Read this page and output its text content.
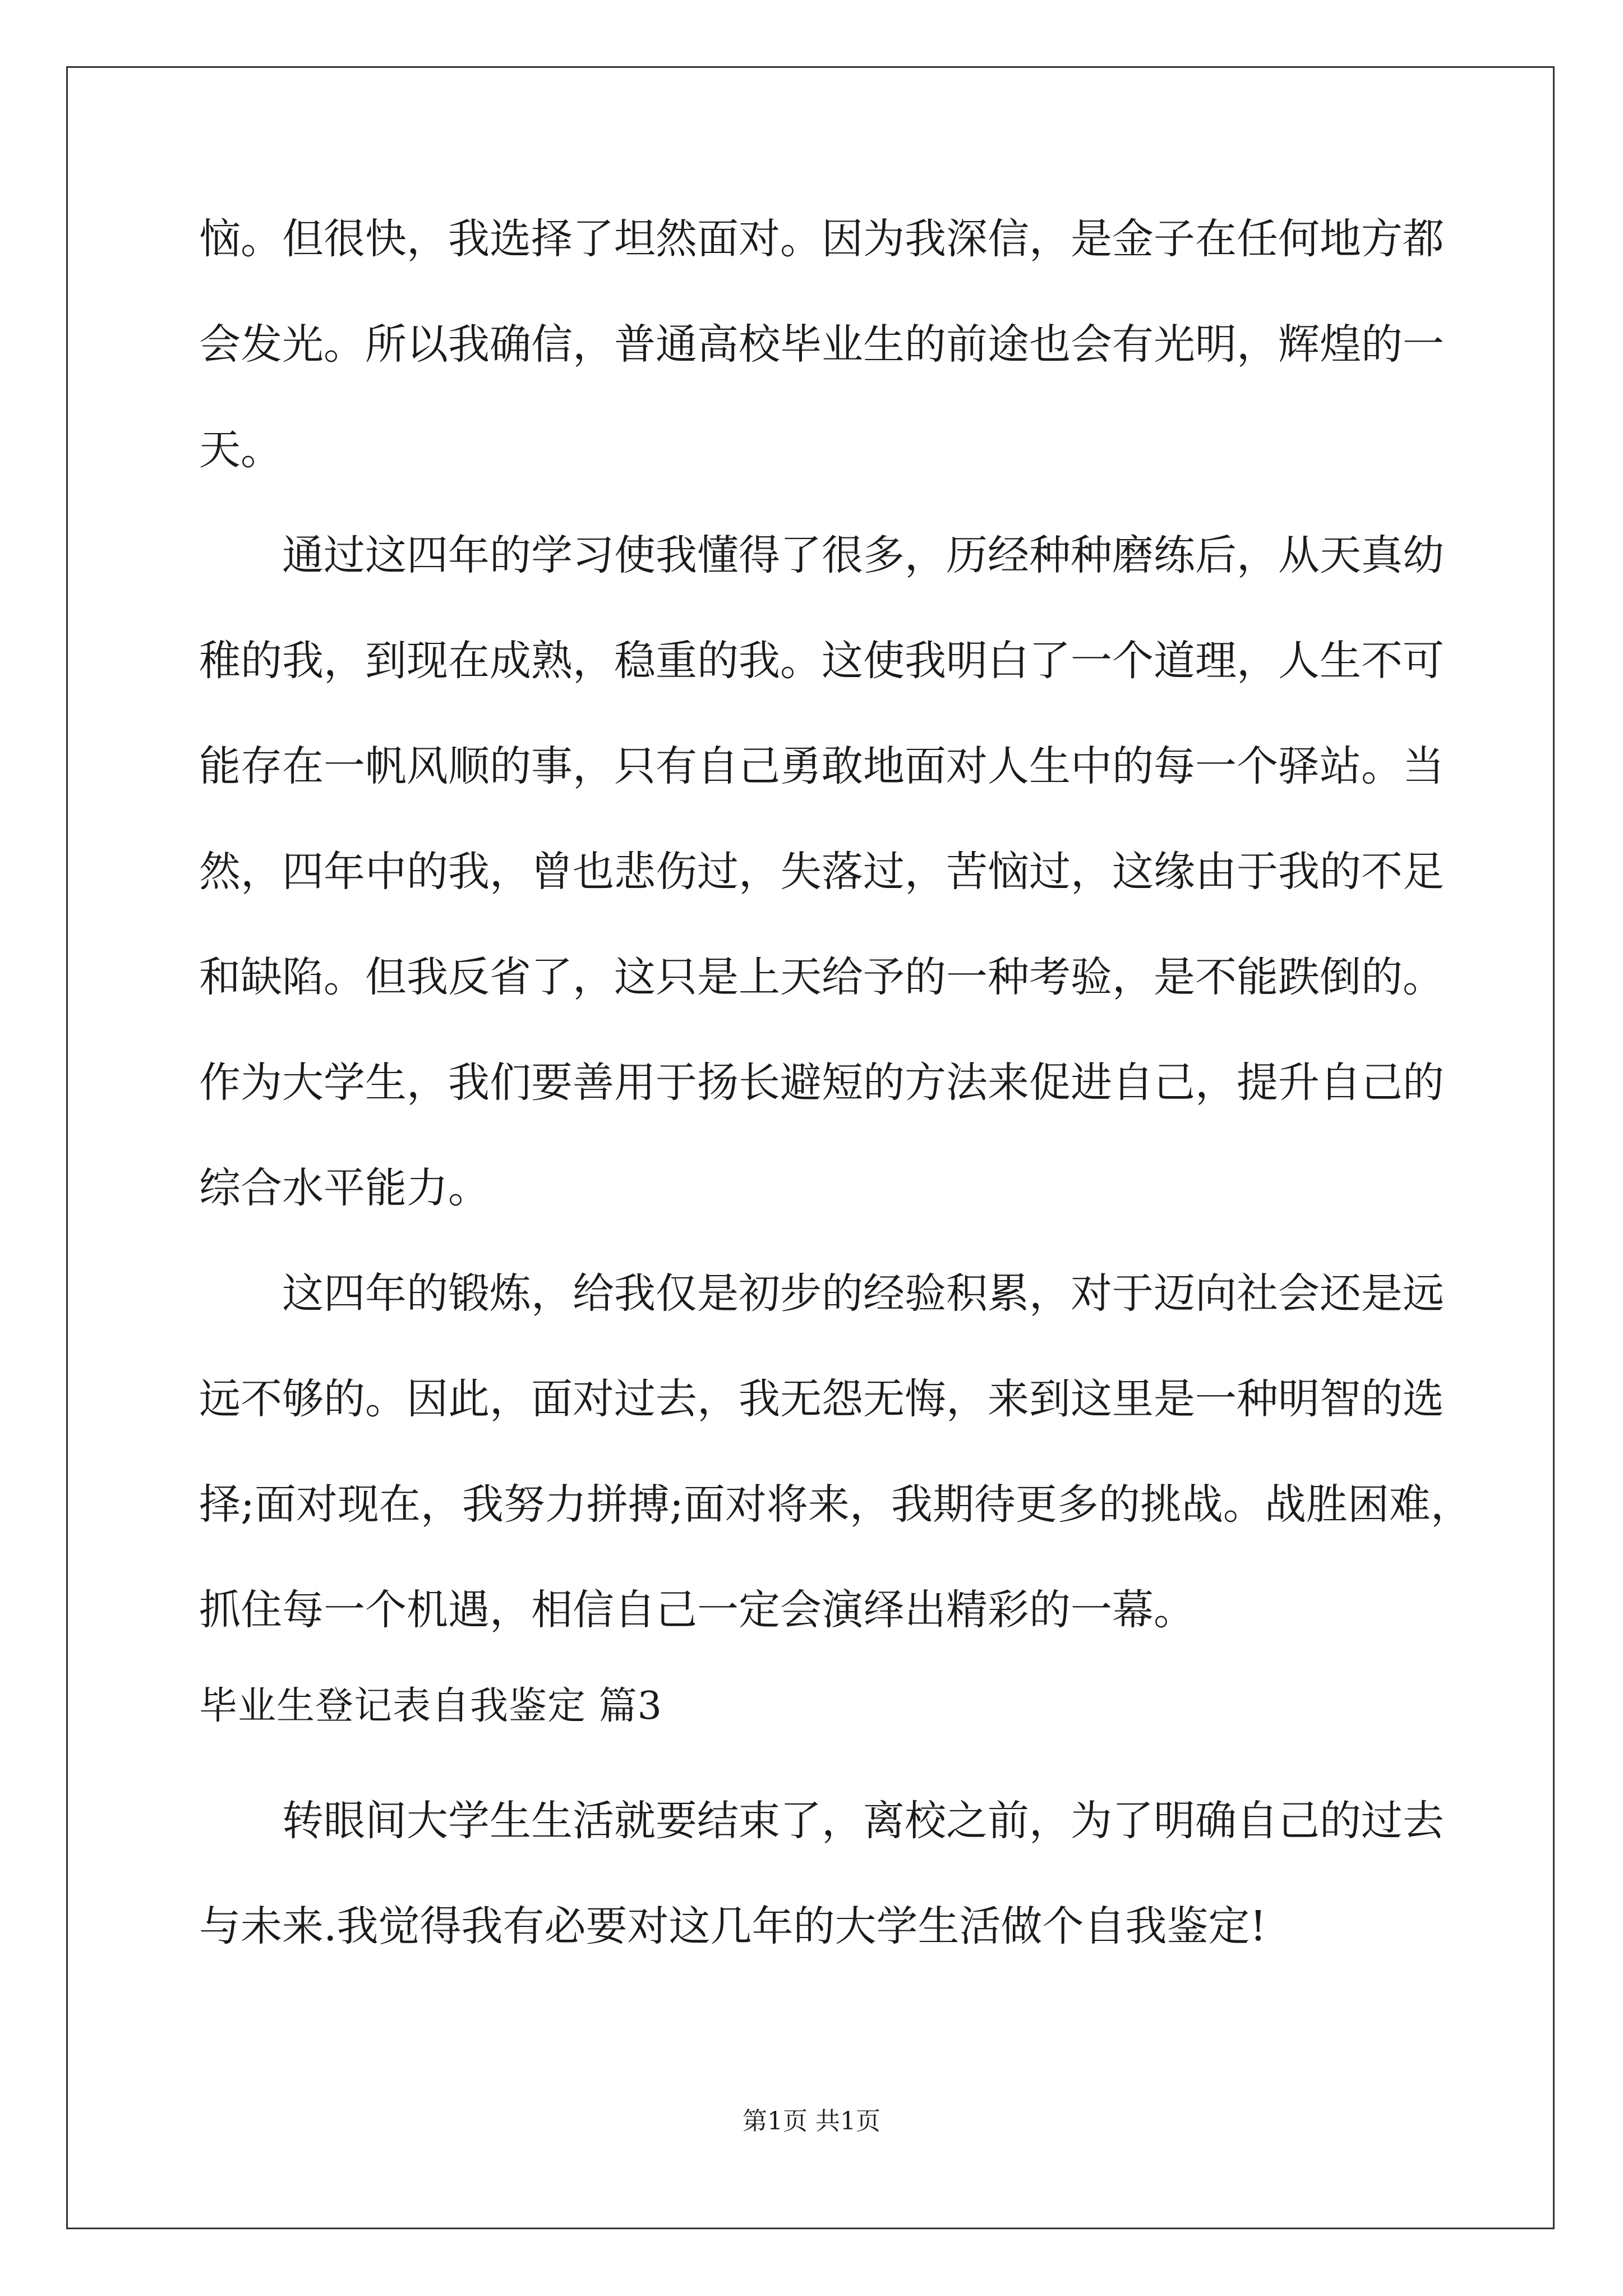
恼。但很快，我选择了坦然面对。因为我深信，是金子在任何地方都
会发光。所以我确信，普通高校毕业生的前途也会有光明，辉煌的一
天。
通过这四年的学习使我懂得了很多，历经种种磨练后，从天真幼
稚的我，到现在成熟，稳重的我。这使我明白了一个道理，人生不可
能存在一帆风顺的事，只有自己勇敢地面对人生中的每一个驿站。当
然，四年中的我，曾也悲伤过，失落过，苦恼过，这缘由于我的不足
和缺陷。但我反省了，这只是上天给予的一种考验，是不能跌倒的。
作为大学生，我们要善用于扬长避短的方法来促进自己，提升自己的
综合水平能力。
这四年的锻炼，给我仅是初步的经验积累，对于迈向社会还是远
远不够的。因此，面对过去，我无怨无悔，来到这里是一种明智的选
择;面对现在，我努力拼搏;面对将来，我期待更多的挑战。战胜困难，
抓住每一个机遇，相信自己一定会演绎出精彩的一幕。
毕业生登记表自我鉴定 篇3
转眼间大学生生活就要结束了，离校之前，为了明确自己的过去
与未来.我觉得我有必要对这几年的大学生活做个自我鉴定!
第1页 共1页
